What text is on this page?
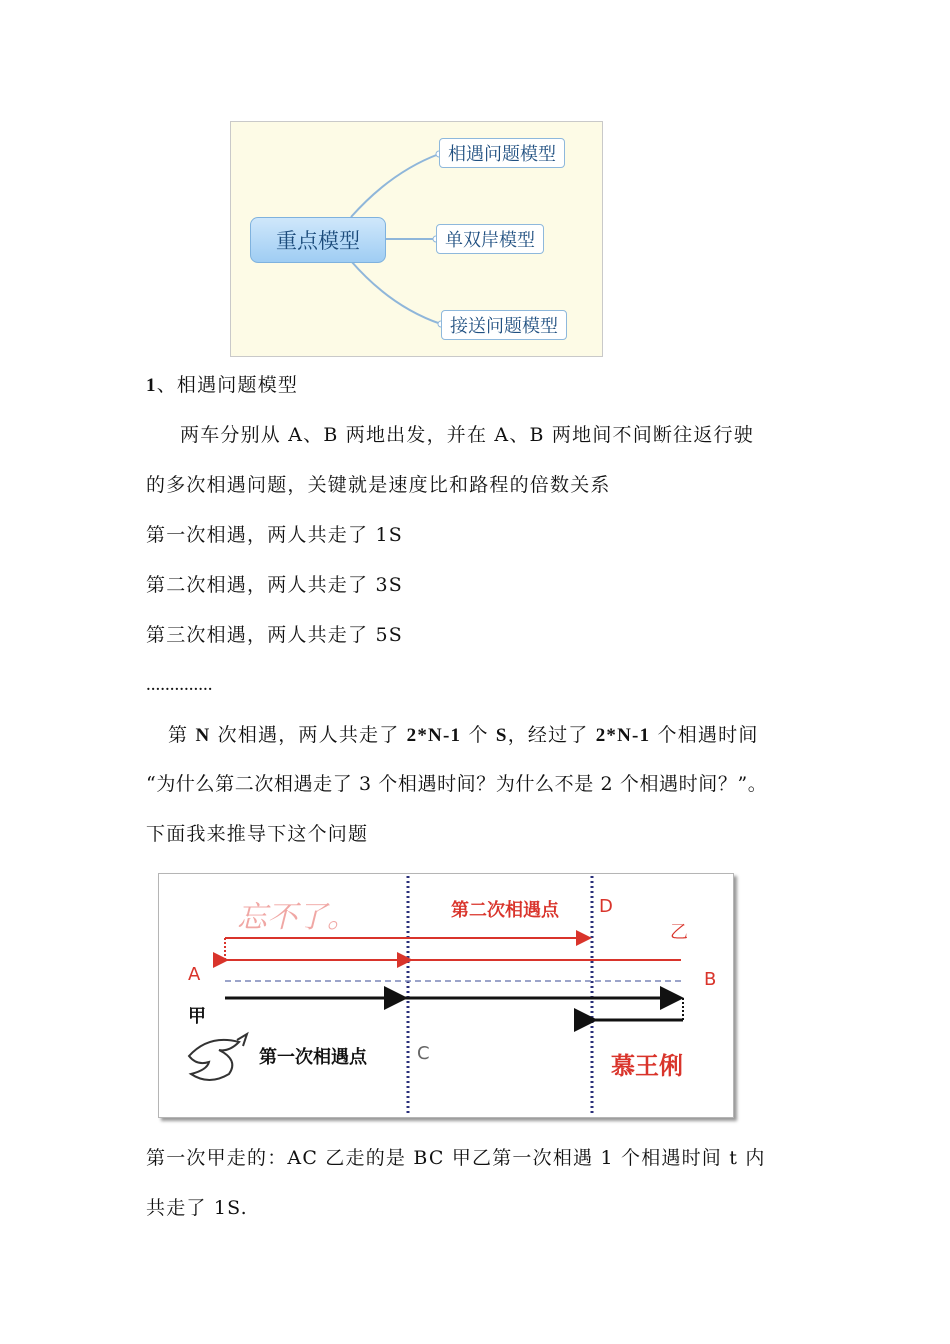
重点模型
相遇问题模型
单双岸模型
接送问题模型
1、相遇问题模型
两车分别从 A、B 两地出发，并在 A、B 两地间不间断往返行驶
的多次相遇问题，关键就是速度比和路程的倍数关系
第一次相遇，两人共走了 1S
第二次相遇，两人共走了 3S
第三次相遇，两人共走了 5S
..............
第 N 次相遇，两人共走了 2*N-1 个 S，经过了 2*N-1 个相遇时间
“为什么第二次相遇走了 3 个相遇时间？为什么不是 2 个相遇时间？”。
下面我来推导下这个问题
忘不了。	第二次相遇点 D
乙
A	B
甲
第一次相遇点	C	慕王俐
第一次甲走的：AC 乙走的是 BC 甲乙第一次相遇 1 个相遇时间 t 内
共走了 1S.
